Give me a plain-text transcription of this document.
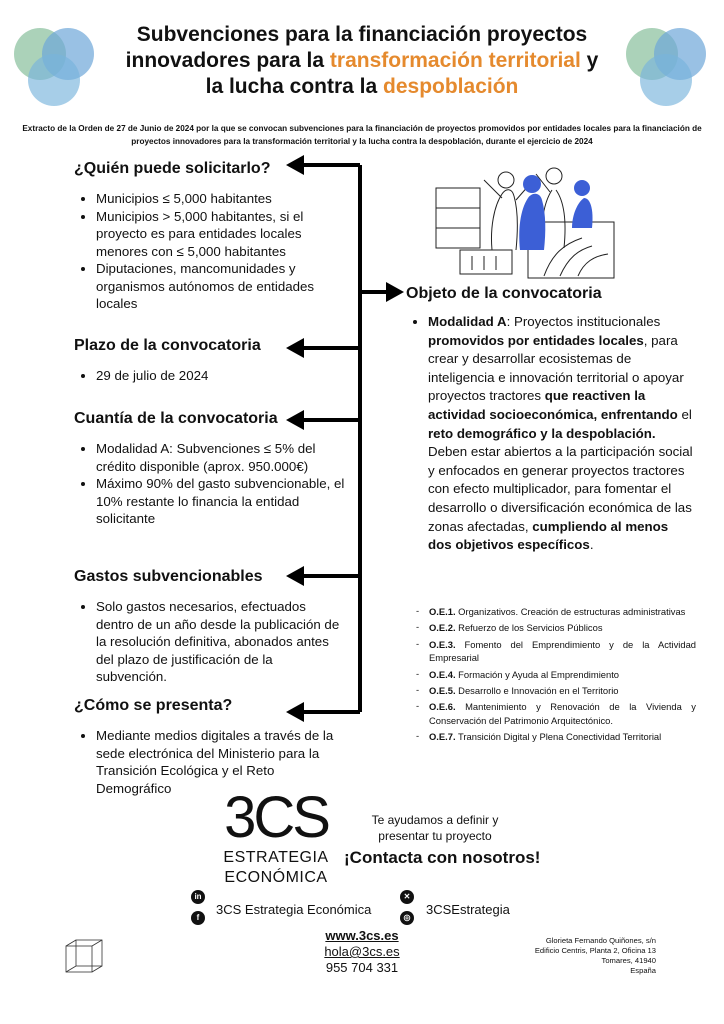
Subvenciones para la financiación proyectos innovadores para la transformación territorial y la lucha contra la despoblación
Extracto de la Orden de 27 de Junio de 2024 por la que se convocan subvenciones para la financiación de proyectos promovidos por entidades locales para la financiación de proyectos innovadores para la transformación territorial y la lucha contra la despoblación, durante el ejercicio de 2024
¿Quién puede solicitarlo?
• Municipios ≤ 5,000 habitantes
• Municipios > 5,000 habitantes, si el proyecto es para entidades locales menores con ≤ 5,000 habitantes
• Diputaciones, mancomunidades y organismos autónomos de entidades locales
Plazo de la convocatoria
• 29 de julio de 2024
Cuantía de la convocatoria
• Modalidad A: Subvenciones ≤ 5% del crédito disponible (aprox. 950.000€)
• Máximo 90% del gasto subvencionable, el 10% restante lo financia la entidad solicitante
Gastos subvencionables
• Solo gastos necesarios, efectuados dentro de un año desde la publicación de la resolución definitiva, abonados antes del plazo de justificación de la subvención.
¿Cómo se presenta?
• Mediante medios digitales a través de la sede electrónica del Ministerio para la Transición Ecológica y el Reto Demográfico
Objeto de la convocatoria
• Modalidad A: Proyectos institucionales promovidos por entidades locales, para crear y desarrollar ecosistemas de inteligencia e innovación territorial o apoyar proyectos tractores que reactiven la actividad socioeconómica, enfrentando el reto demográfico y la despoblación. Deben estar abiertos a la participación social y enfocados en generar proyectos tractores con efecto multiplicador, para fomentar el desarrollo o diversificación económica de las zonas afectadas, cumpliendo al menos dos objetivos específicos.
- O.E.1. Organizativos. Creación de estructuras administrativas
- O.E.2. Refuerzo de los Servicios Públicos
- O.E.3. Fomento del Emprendimiento y de la Actividad Empresarial
- O.E.4. Formación y Ayuda al Emprendimiento
- O.E.5. Desarrollo e Innovación en el Territorio
- O.E.6. Mantenimiento y Renovación de la Vivienda y Conservación del Patrimonio Arquitectónico.
- O.E.7. Transición Digital y Plena Conectividad Territorial
3CS
ESTRATEGIA
ECONÓMICA
Te ayudamos a definir y presentar tu proyecto
¡Contacta con nosotros!
in
f
3CS Estrategia Económica
✕
◎
3CSEstrategia
www.3cs.es
hola@3cs.es
955 704 331
Glorieta Fernando Quiñones, s/n
Edificio Centris, Planta 2, Oficina 13
Tomares, 41940
España
